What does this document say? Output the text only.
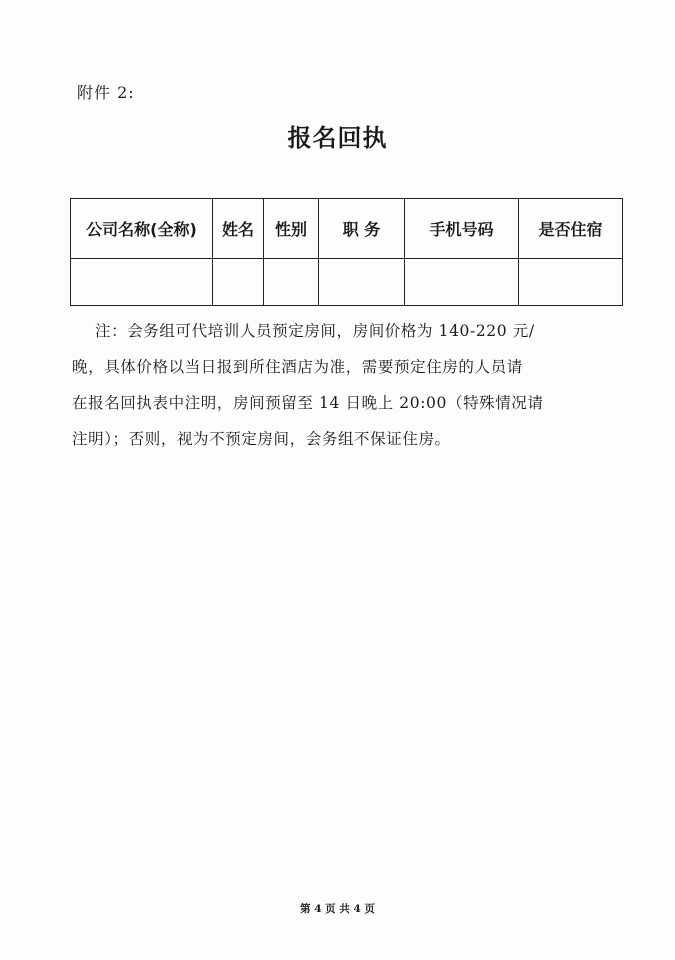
附件 2:
报名回执
公司名称(全称)	姓名	性别	职 务	手机号码	是否住宿

注：会务组可代培训人员预定房间，房间价格为 140-220 元/

晚，具体价格以当日报到所住酒店为准，需要预定住房的人员请

在报名回执表中注明，房间预留至 14 日晚上 20:00（特殊情况请

注明）；否则，视为不预定房间，会务组不保证住房。

第 4 页 共 4 页
